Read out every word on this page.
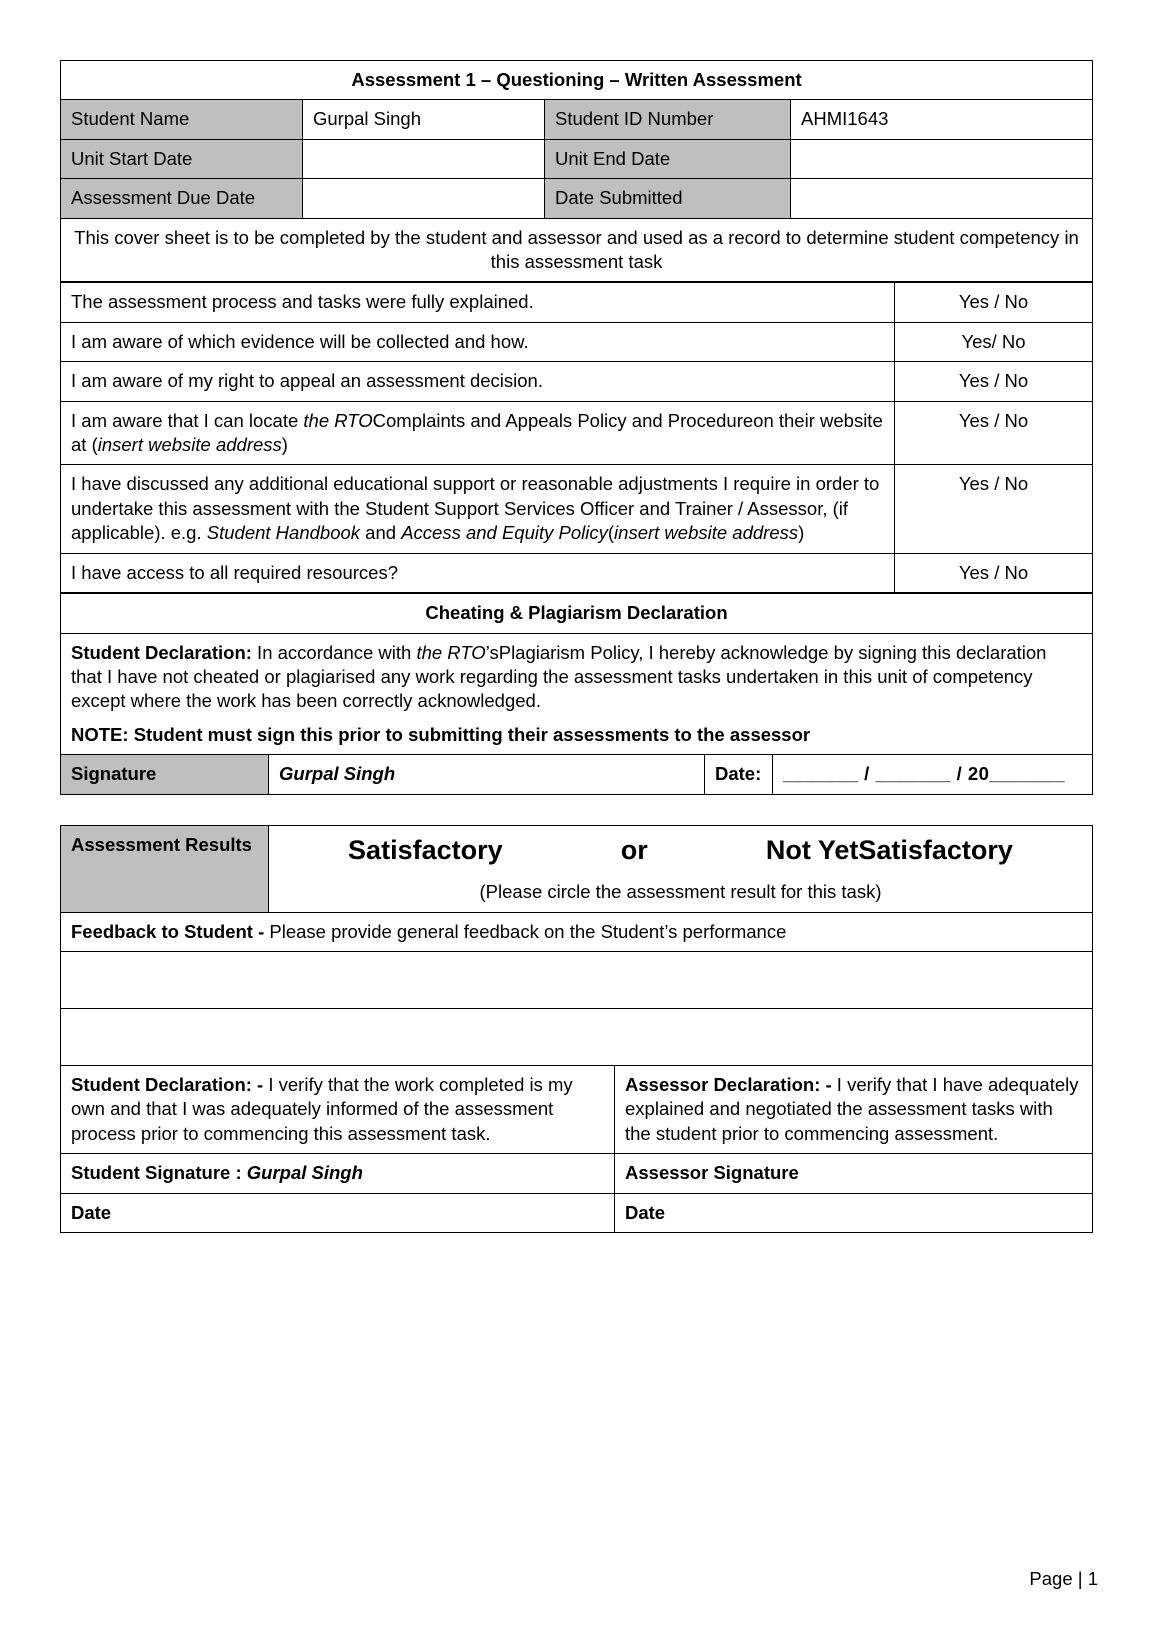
Assessment 1 – Questioning – Written Assessment			
Student Name	Gurpal Singh	Student ID Number	AHMI1643
Unit Start Date		Unit End Date	
Assessment Due Date		Date Submitted	
This cover sheet is to be completed by the student and assessor and used as a record to determine student competency in this assessment task			
The assessment process and tasks were fully explained.	Yes / No
I am aware of which evidence will be collected and how.	Yes/ No
I am aware of my right to appeal an assessment decision.	Yes / No
I am aware that I can locate the RTOComplaints and Appeals Policy and Procedureon their website at (insert website address)	Yes / No
I have discussed any additional educational support or reasonable adjustments I require in order to undertake this assessment with the Student Support Services Officer and Trainer / Assessor, (if applicable). e.g. Student Handbook and Access and Equity Policy(insert website address)	Yes / No
I have access to all required resources?	Yes / No
Cheating & Plagiarism Declaration

Student Declaration: In accordance with the RTO’sPlagiarism Policy, I hereby acknowledge by signing this declaration that I have not cheated or plagiarised any work regarding the assessment tasks undertaken in this unit of competency except where the work has been correctly acknowledged.

NOTE: Student must sign this prior to submitting their assessments to the assessor

Signature	Gurpal Singh	Date:	_______ / _______ / 20_______
Assessment Results	Satisfactory or Not YetSatisfactory
(Please circle the assessment result for this task)	

Feedback to Student - Please provide general feedback on the Student’s performance		

Student Declaration: - I verify that the work completed is my own and that I was adequately informed of the assessment process prior to commencing this assessment task.		Assessor Declaration: - I verify that I have adequately explained and negotiated the assessment tasks with the student prior to commencing assessment.
Student Signature : Gurpal Singh		Assessor Signature
Date		Date
Page | 1
